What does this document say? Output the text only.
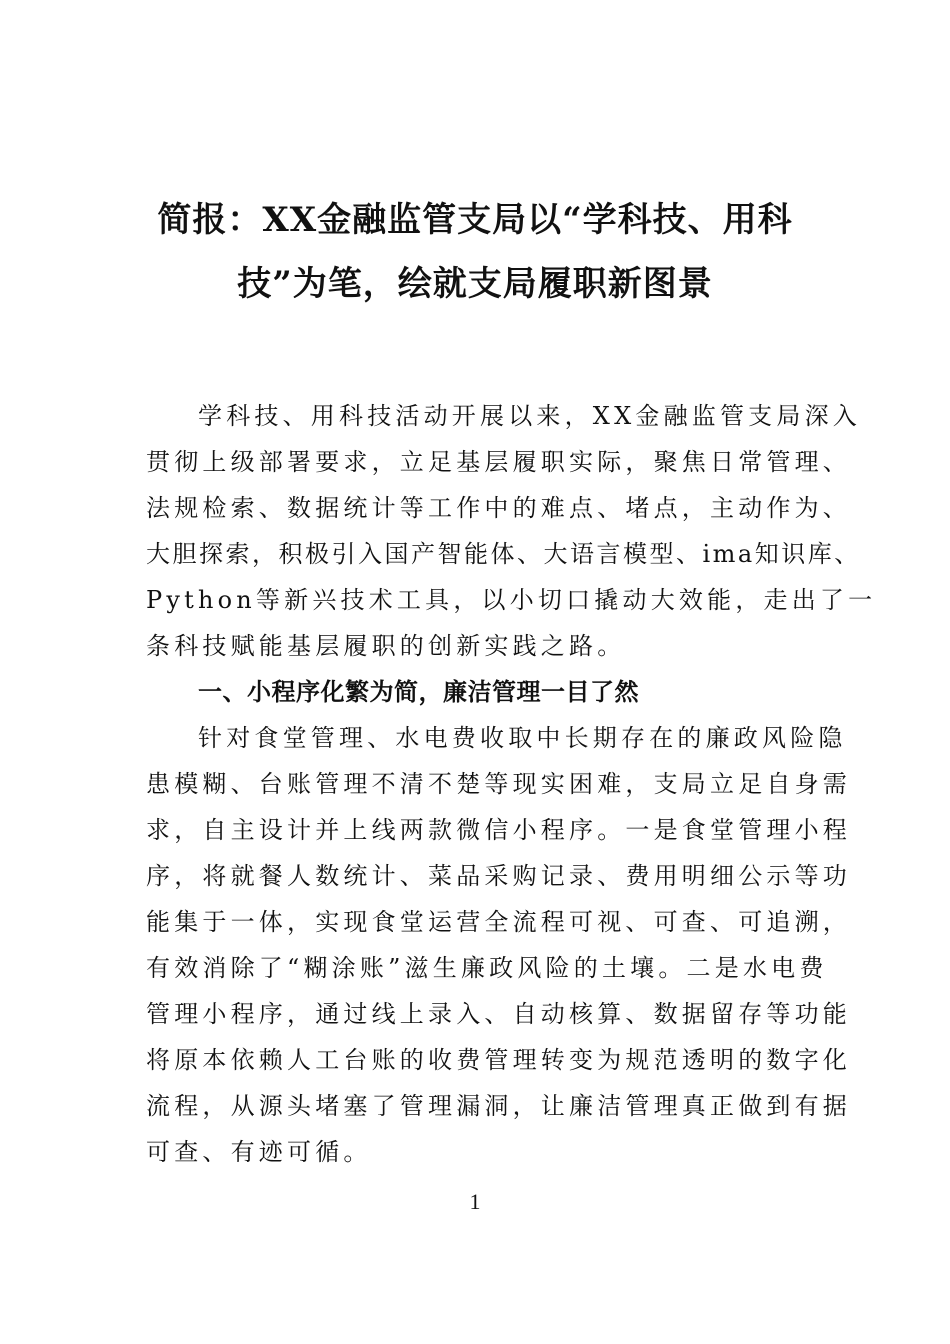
简报：XX金融监管支局以“学科技、用科
技”为笔，绘就支局履职新图景
学科技、用科技活动开展以来，XX金融监管支局深入
贯彻上级部署要求，立足基层履职实际，聚焦日常管理、
法规检索、数据统计等工作中的难点、堵点，主动作为、
大胆探索，积极引入国产智能体、大语言模型、ima知识库、
Python等新兴技术工具，以小切口撬动大效能，走出了一
条科技赋能基层履职的创新实践之路。
一、小程序化繁为简，廉洁管理一目了然
针对食堂管理、水电费收取中长期存在的廉政风险隐
患模糊、台账管理不清不楚等现实困难，支局立足自身需
求，自主设计并上线两款微信小程序。一是食堂管理小程
序，将就餐人数统计、菜品采购记录、费用明细公示等功
能集于一体，实现食堂运营全流程可视、可查、可追溯，
有效消除了“糊涂账”滋生廉政风险的土壤。二是水电费
管理小程序，通过线上录入、自动核算、数据留存等功能
将原本依赖人工台账的收费管理转变为规范透明的数字化
流程，从源头堵塞了管理漏洞，让廉洁管理真正做到有据
可查、有迹可循。
1
